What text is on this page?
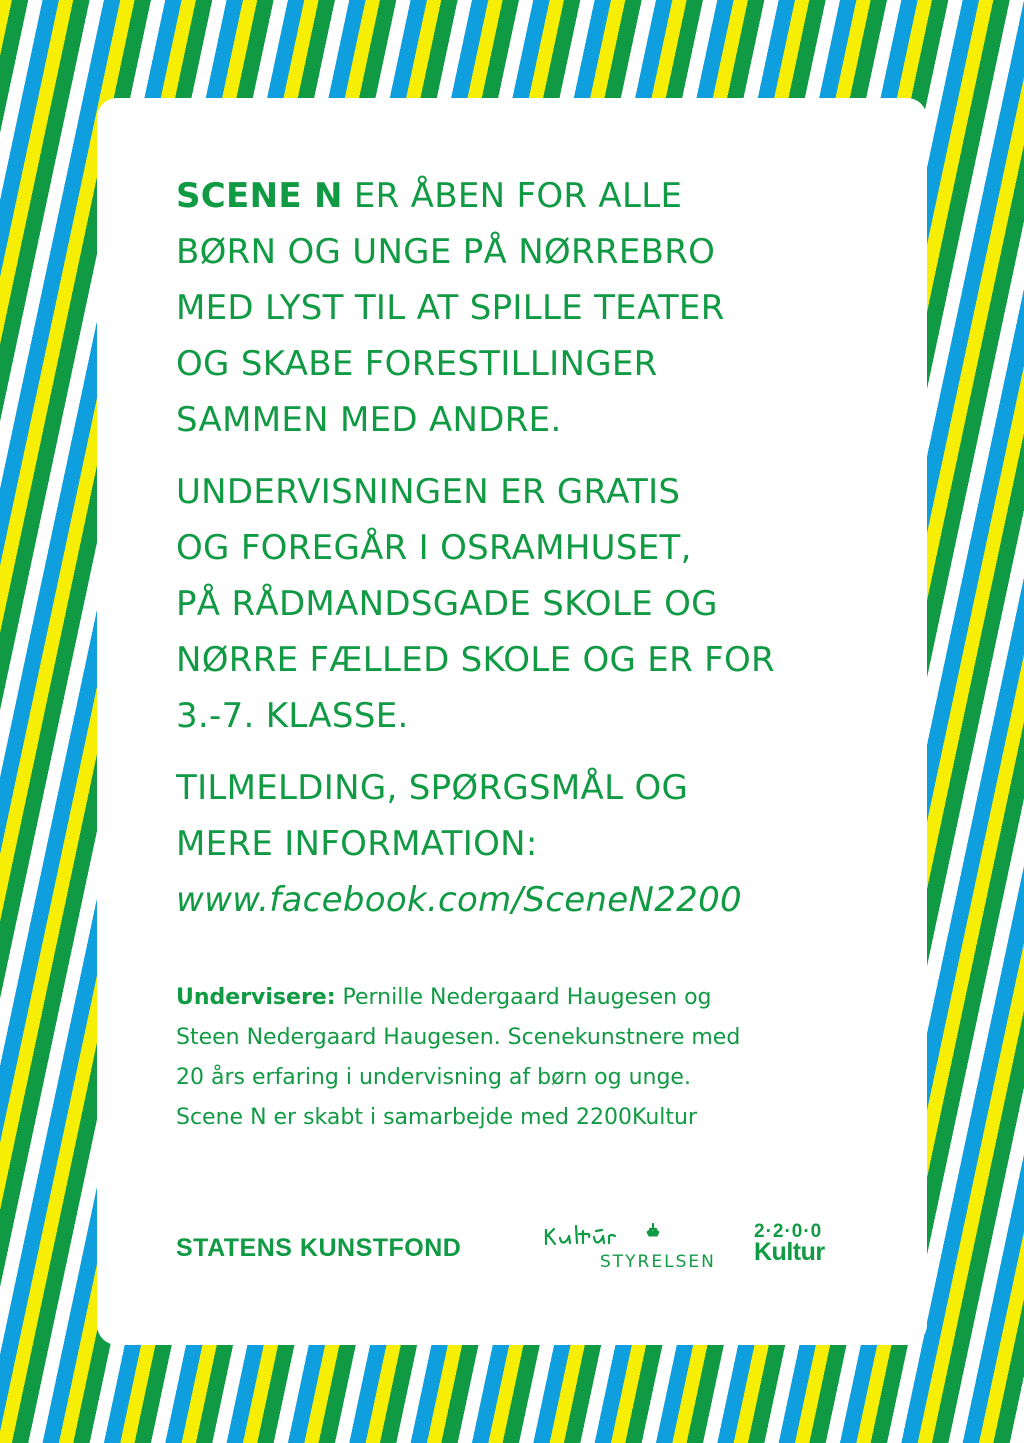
SCENE N ER ÅBEN FOR ALLE
BØRN OG UNGE PÅ NØRREBRO
MED LYST TIL AT SPILLE TEATER
OG SKABE FORESTILLINGER
SAMMEN MED ANDRE.

UNDERVISNINGEN ER GRATIS
OG FOREGÅR I OSRAMHUSET,
PÅ RÅDMANDSGADE SKOLE OG
NØRRE FÆLLED SKOLE OG ER FOR
3.-7. KLASSE.

TILMELDING, SPØRGSMÅL OG
MERE INFORMATION:
www.facebook.com/SceneN2200

Undervisere: Pernille Nedergaard Haugesen og
Steen Nedergaard Haugesen. Scenekunstnere med
20 års erfaring i undervisning af børn og unge.
Scene N er skabt i samarbejde med 2200Kultur
STATENS KUNSTFOND	STYRELSEN
2·2·0·0
Kultur
